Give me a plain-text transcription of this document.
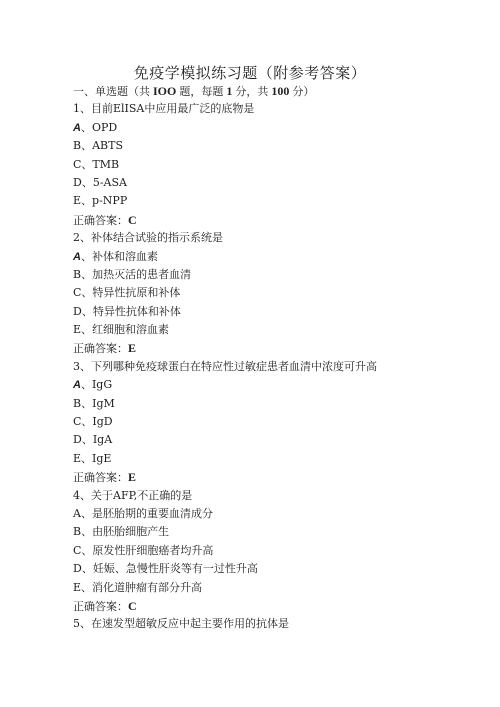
免疫学模拟练习题（附参考答案）
一、单选题（共 IOO 题，每题 1 分，共 100 分）
1、目前ElISA中应用最广泛的底物是
A、OPD
B、ABTS
C、TMB
D、5-ASA
E、p-NPP
正确答案：C
2、补体结合试验的指示系统是
A、补体和溶血素
B、加热灭活的患者血清
C、特异性抗原和补体
D、特异性抗体和补体
E、红细胞和溶血素
正确答案：E
3、下列哪种免疫球蛋白在特应性过敏症患者血清中浓度可升高
A、IgG
B、IgM
C、IgD
D、IgA
E、IgE
正确答案：E
4、关于AFP,不正确的是
A、是胚胎期的重要血清成分
B、由胚胎细胞产生
C、原发性肝细胞癌者均升高
D、妊娠、急慢性肝炎等有一过性升高
E、消化道肿瘤有部分升高
正确答案：C
5、在速发型超敏反应中起主要作用的抗体是
